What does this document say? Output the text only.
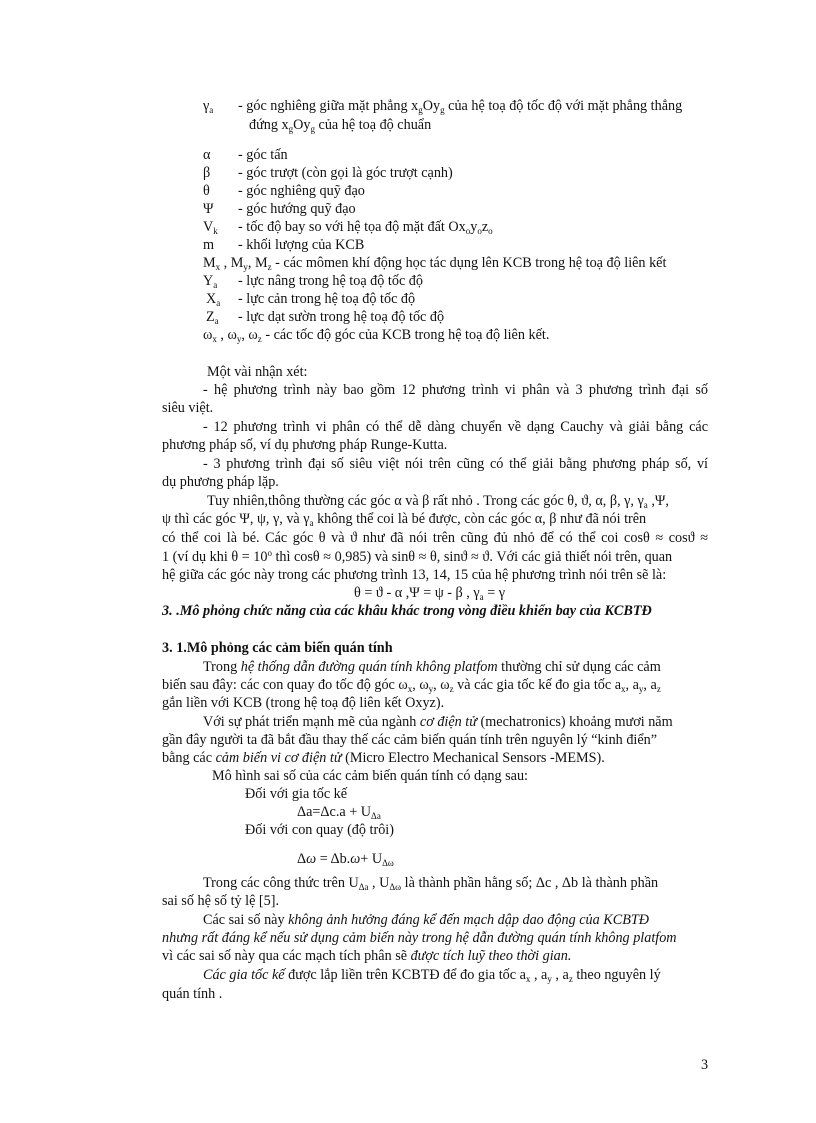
$\gamma_a$ - góc nghiêng giữa mặt phẳng $x_gOy_g$ của hệ toạ độ tốc độ với mặt phẳng thẳng
đứng $x_gOy_g$ của hệ toạ độ chuẩn
α - góc tấn
β - góc trượt (còn gọi là góc trượt cạnh)
θ - góc nghiêng quỹ đạo
Ψ - góc hướng quỹ đạo
$V_k$ - tốc độ bay so với hệ tọa độ mặt đất $Ox_oy_oz_o$
m - khối lượng của KCB
$M_x$ , $M_y$, $M_z$ - các mômen khí động học tác dụng lên KCB trong hệ toạ độ liên kết
$Y_a$ - lực nâng trong hệ toạ độ tốc độ
$X_a$ - lực cản trong hệ toạ độ tốc độ
$Z_a$ - lực dạt sườn trong hệ toạ độ tốc độ
$\omega_x$ , $\omega_y$, $\omega_z$ - các tốc độ góc của KCB trong hệ toạ độ liên kết.
Một vài nhận xét:
- hệ phương trình này bao gồm 12 phương trình vi phân và 3 phương trình đại số
siêu việt.
- 12 phương trình vi phân có thể dễ dàng chuyển về dạng Cauchy và giải bằng các
phương pháp số, ví dụ phương pháp Runge-Kutta.
- 3 phương trình đại số siêu việt nói trên cũng có thể giải bằng phương pháp số, ví
dụ phương pháp lặp.
Tuy nhiên,thông thường các góc α và β rất nhỏ . Trong các góc θ, ϑ, α, β, γ, $\gamma_a$ ,Ψ,
ψ thì các góc Ψ, ψ, γ, và $\gamma_a$ không thể coi là bé được, còn các góc α, β như đã nói trên
có thể coi là bé. Các góc θ và ϑ như đã nói trên cũng đủ nhỏ để có thể coi cosθ ≈ cosϑ ≈
1 (ví dụ khi $\theta = 10^o$ thì cosθ ≈ 0,985) và sinθ ≈ θ, sinϑ ≈ ϑ. Với các giả thiết nói trên, quan
hệ giữa các góc này trong các phương trình 13, 14, 15 của hệ phương trình nói trên sẽ là:
θ = ϑ - α ,Ψ = ψ - β , $\gamma_a = \gamma$
3. .Mô phỏng chức năng của các khâu khác trong vòng điều khiển bay của KCBTĐ
3. 1.Mô phỏng các cảm biến quán tính
Trong hệ thống dẫn đường quán tính không platfom thường chỉ sử dụng các cảm
biến sau đây: các con quay đo tốc độ góc $\omega_x$, $\omega_y$, $\omega_z$ và các gia tốc kế đo gia tốc $a_x$, $a_y$, $a_z$
gắn liền với KCB (trong hệ toạ độ liên kết Oxyz).
Với sự phát triển mạnh mẽ của ngành cơ điện tử (mechatronics) khoảng mươi năm
gần đây người ta đã bắt đầu thay thế các cảm biến quán tính trên nguyên lý “kinh điển”
bằng các cảm biến vi cơ điện tử (Micro Electro Mechanical Sensors -MEMS).
Mô hình sai số của các cảm biến quán tính có dạng sau:
Đối với gia tốc kế
$\Delta a=\Delta c.a + U_{\Delta a}$
Đối với con quay (độ trôi)
$\Delta\omega = \Delta b.\omega+ U_{\Delta\omega}$
Trong các công thức trên $U_{\Delta a}$ , $U_{\Delta\omega}$ là thành phần hằng số; Δc , Δb là thành phần
sai số hệ số tỷ lệ [5].
Các sai số này không ảnh hưởng đáng kể đến mạch dập dao động của KCBTĐ
nhưng rất đáng kể nếu sử dụng cảm biến này trong hệ dẫn đường quán tính không platfom
vì các sai số này qua các mạch tích phân sẽ được tích luỹ theo thời gian.
Các gia tốc kế được lắp liền trên KCBTĐ để đo gia tốc $a_x$ , $a_y$ , $a_z$ theo nguyên lý
quán tính .
3
